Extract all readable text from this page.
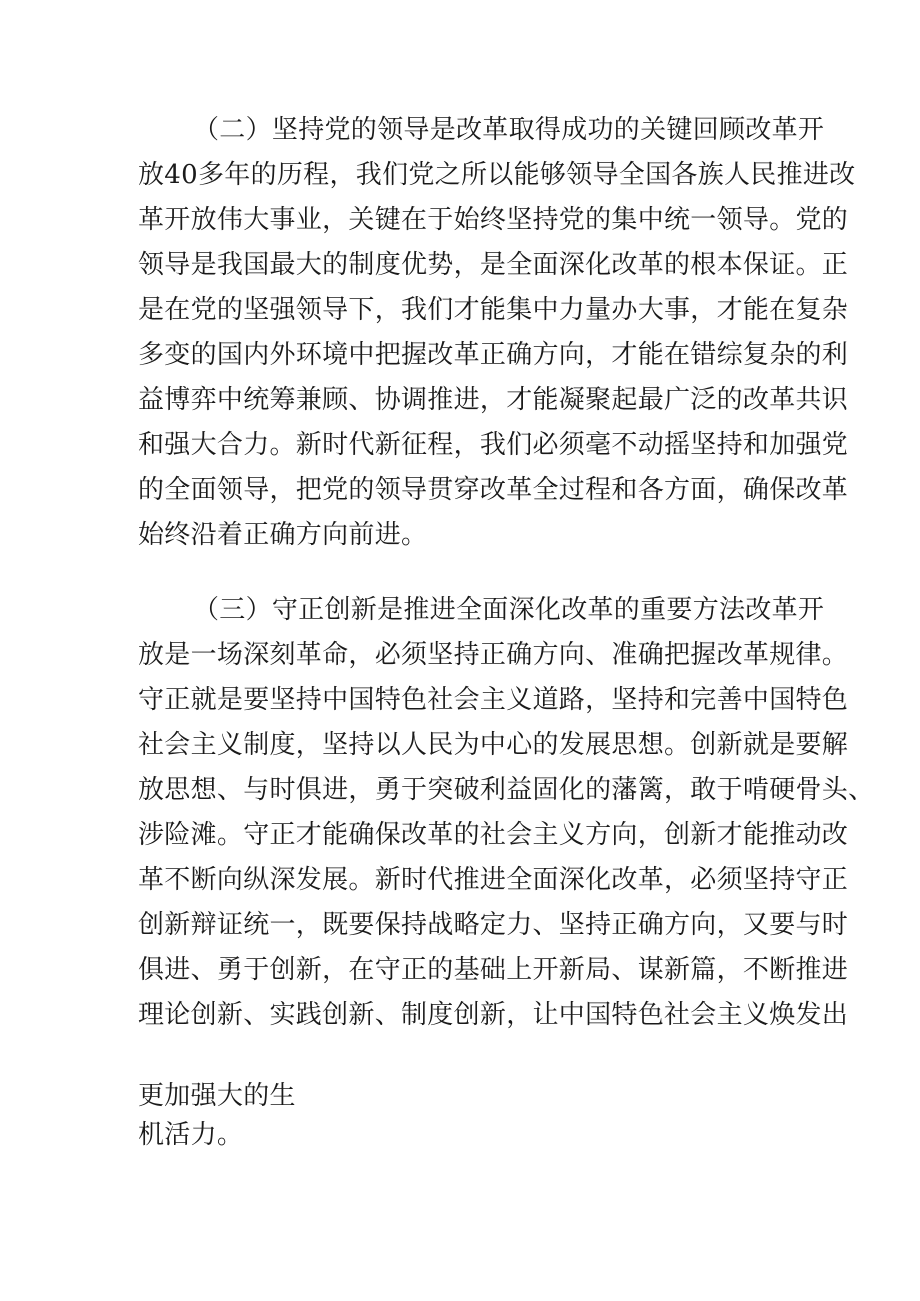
（二）坚持党的领导是改革取得成功的关键回顾改革开
放40多年的历程，我们党之所以能够领导全国各族人民推进改
革开放伟大事业，关键在于始终坚持党的集中统一领导。党的
领导是我国最大的制度优势，是全面深化改革的根本保证。正
是在党的坚强领导下，我们才能集中力量办大事，才能在复杂
多变的国内外环境中把握改革正确方向，才能在错综复杂的利
益博弈中统筹兼顾、协调推进，才能凝聚起最广泛的改革共识
和强大合力。新时代新征程，我们必须毫不动摇坚持和加强党
的全面领导，把党的领导贯穿改革全过程和各方面，确保改革
始终沿着正确方向前进。
（三）守正创新是推进全面深化改革的重要方法改革开
放是一场深刻革命，必须坚持正确方向、准确把握改革规律。
守正就是要坚持中国特色社会主义道路，坚持和完善中国特色
社会主义制度，坚持以人民为中心的发展思想。创新就是要解
放思想、与时俱进，勇于突破利益固化的藩篱，敢于啃硬骨头、
涉险滩。守正才能确保改革的社会主义方向，创新才能推动改
革不断向纵深发展。新时代推进全面深化改革，必须坚持守正
创新辩证统一，既要保持战略定力、坚持正确方向，又要与时
俱进、勇于创新，在守正的基础上开新局、谋新篇，不断推进
理论创新、实践创新、制度创新，让中国特色社会主义焕发出
更加强大的生
机活力。
